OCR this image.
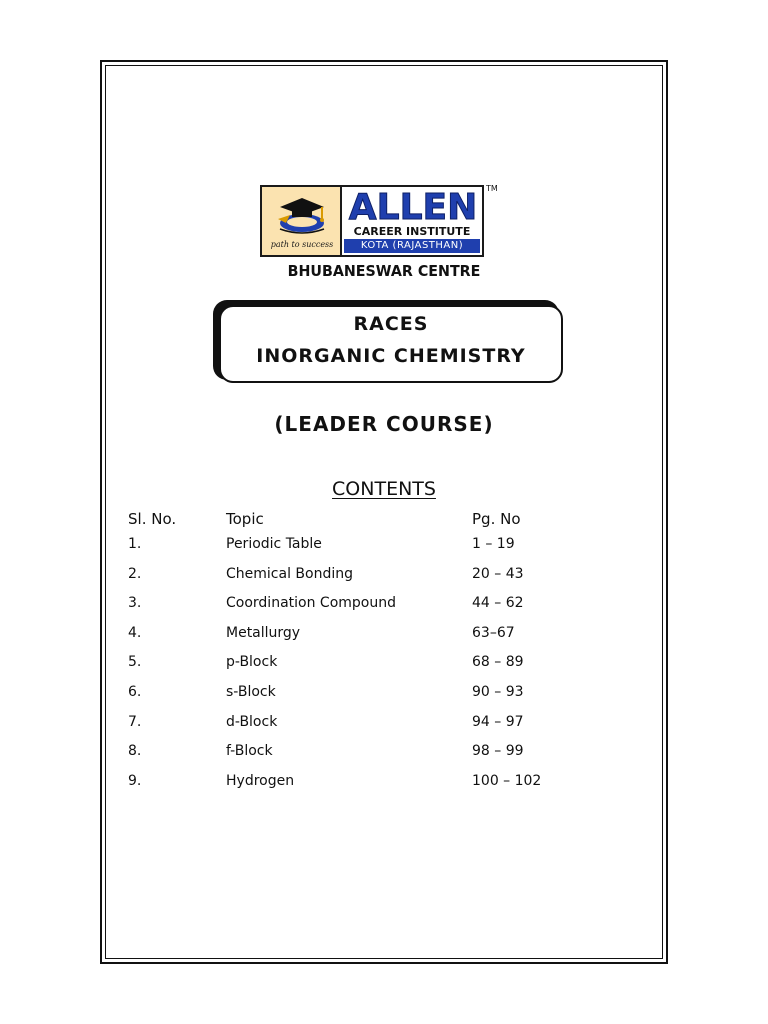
path to success
ALLEN
CAREER INSTITUTE
KOTA (RAJASTHAN)
TM
BHUBANESWAR CENTRE
RACES
INORGANIC CHEMISTRY
(LEADER COURSE)
CONTENTS
Sl. No.	Topic	Pg. No
1.	Periodic Table	1 – 19
2.	Chemical Bonding	20 – 43
3.	Coordination Compound	44 – 62
4.	Metallurgy	63–67
5.	p-Block	68 – 89
6.	s-Block	90 – 93
7.	d-Block	94 – 97
8.	f-Block	98 – 99
9.	Hydrogen	100 – 102
